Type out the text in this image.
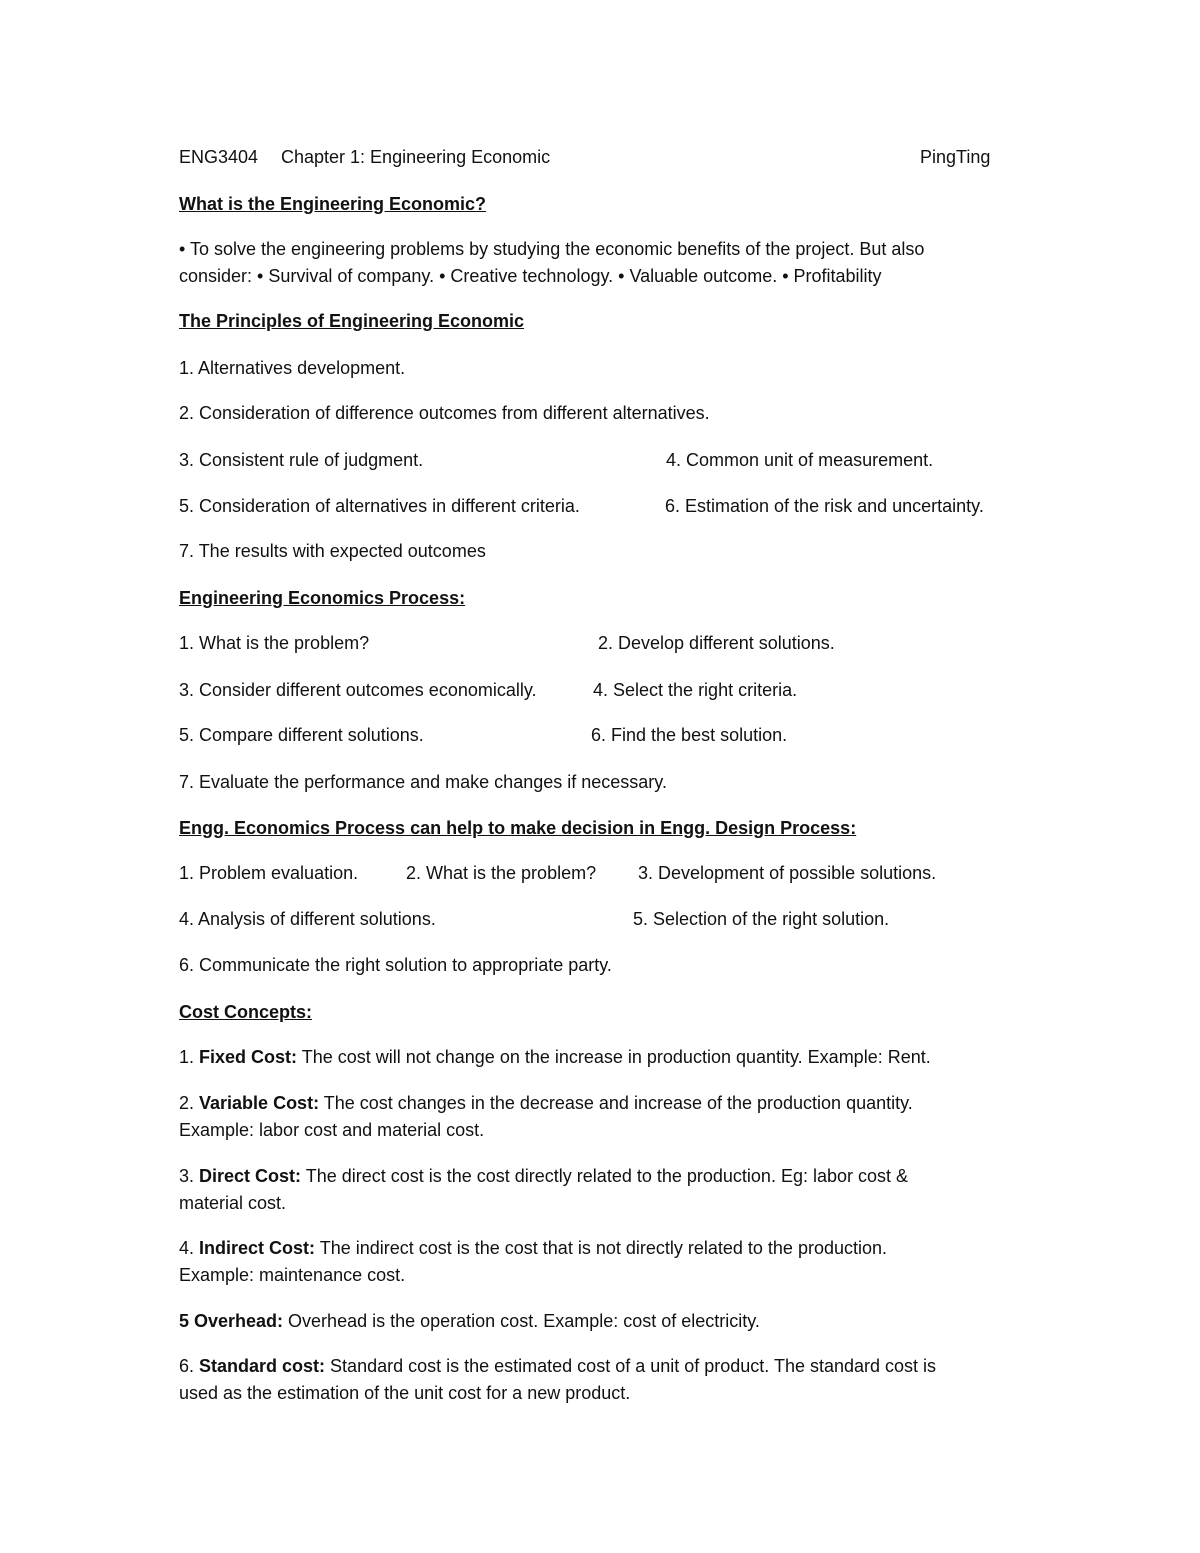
ENG3404 Chapter 1: Engineering Economic	PingTing
What is the Engineering Economic?
• To solve the engineering problems by studying the economic benefits of the project. But also
consider: • Survival of company. • Creative technology. • Valuable outcome. • Profitability
The Principles of Engineering Economic
1. Alternatives development.
2. Consideration of difference outcomes from different alternatives.
3. Consistent rule of judgment.	4. Common unit of measurement.
5. Consideration of alternatives in different criteria.	6. Estimation of the risk and uncertainty.
7. The results with expected outcomes
Engineering Economics Process:
1. What is the problem?	2. Develop different solutions.
3. Consider different outcomes economically.	4. Select the right criteria.
5. Compare different solutions.	6. Find the best solution.
7. Evaluate the performance and make changes if necessary.
Engg. Economics Process can help to make decision in Engg. Design Process:
1. Problem evaluation.	2. What is the problem? 3. Development of possible solutions.
4. Analysis of different solutions.	5. Selection of the right solution.
6. Communicate the right solution to appropriate party.
Cost Concepts:
1. Fixed Cost: The cost will not change on the increase in production quantity. Example: Rent.
2. Variable Cost: The cost changes in the decrease and increase of the production quantity.
Example: labor cost and material cost.
3. Direct Cost: The direct cost is the cost directly related to the production. Eg: labor cost &
material cost.
4. Indirect Cost: The indirect cost is the cost that is not directly related to the production.
Example: maintenance cost.
5 Overhead: Overhead is the operation cost. Example: cost of electricity.
6. Standard cost: Standard cost is the estimated cost of a unit of product. The standard cost is
used as the estimation of the unit cost for a new product.
